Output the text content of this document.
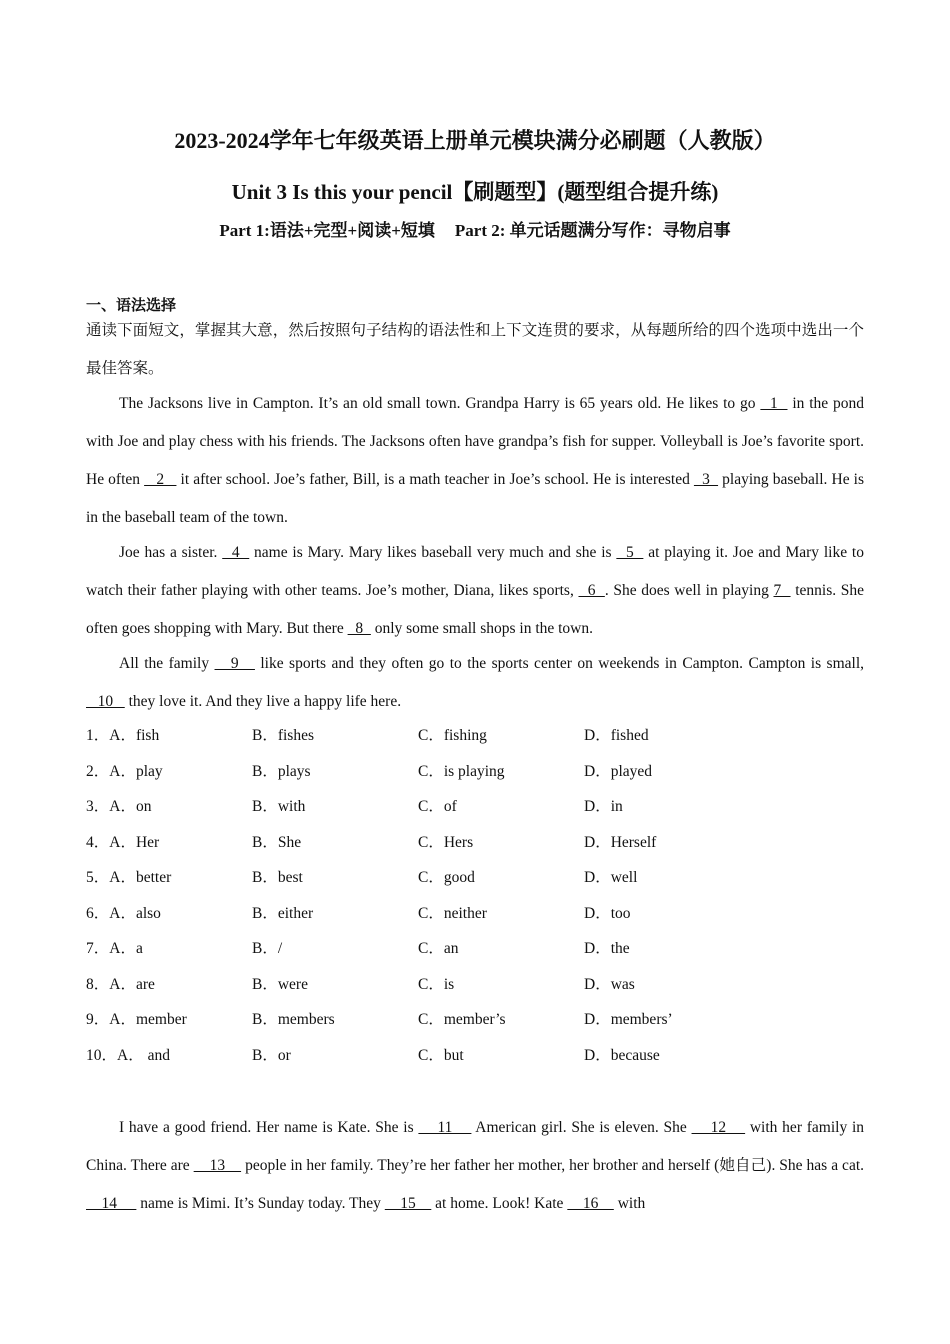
2023-2024学年七年级英语上册单元模块满分必刷题（人教版）
Unit 3 Is this your pencil【刷题型】(题型组合提升练)
Part 1:语法+完型+阅读+短填 Part 2: 单元话题满分写作：寻物启事
一、语法选择

通读下面短文，掌握其大意，然后按照句子结构的语法性和上下文连贯的要求，从每题所给的四个选项中选出一个最佳答案。

The Jacksons live in Campton. It’s an old small town. Grandpa Harry is 65 years old. He likes to go   1   in the pond with Joe and play chess with his friends. The Jacksons often have grandpa’s fish for supper. Volleyball is Joe’s favorite sport. He often    2    it after school. Joe’s father, Bill, is a math teacher in Joe’s school. He is interested   3   playing baseball. He is in the baseball team of the town.

Joe has a sister.   4   name is Mary. Mary likes baseball very much and she is   5   at playing it. Joe and Mary like to watch their father playing with other teams. Joe’s mother, Diana, likes sports,   6  . She does well in playing 7   tennis. She often goes shopping with Mary. But there   8   only some small shops in the town.

All the family    9    like sports and they often go to the sports center on weekends in Campton. Campton is small,    10    they love it. And they live a happy life here.

1．A．fish	B．fishes	C．fishing	D．fished
2．A．play	B．plays	C．is playing	D．played
3．A．on	B．with	C．of	D．in
4．A．Her	B．She	C．Hers	D．Herself
5．A．better	B．best	C．good	D．well
6．A．also	B．either	C．neither	D．too
7．A．a	B．/	C．an	D．the
8．A．are	B．were	C．is	D．was
9．A．member	B．members	C．member’s	D．members’
10．A． and	B．or	C．but	D．because

I have a good friend. Her name is Kate. She is     11     American girl. She is eleven. She     12     with her family in China. There are     13     people in her family. They’re her father her mother, her brother and herself (她自己). She has a cat.     14      name is Mimi. It’s Sunday today. They     15     at home. Look! Kate     16     with
